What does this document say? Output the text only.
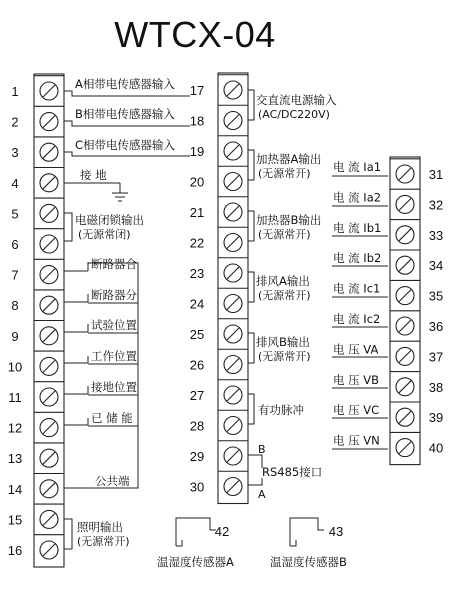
WTCX-04
1
2
3
4
5
6
7
8
9
10
11
12
13
14
15
16
A相带电传感器输入
B相带电传感器输入
C相带电传感器输入
接 地
电磁闭锁输出
(无源常闭)
断路器合
断路器分
试验位置
工作位置
接地位置
已 储 能
公共端
照明输出
(无源常开)
17
18
19
20
21
22
23
24
25
26
27
28
29
30
交直流电源输入
(AC/DC220V)
加热器A输出
(无源常开)
加热器B输出
(无源常开)
排风A输出
(无源常开)
排风B输出
(无源常开)
有功脉冲
B
RS485接口
A
31
32
33
34
35
36
37
38
39
40
电 流 Ia1
电 流 Ia2
电 流 Ib1
电 流 Ib2
电 流 Ic1
电 流 Ic2
电 压 VA
电 压 VB
电 压 VC
电 压 VN
42
温湿度传感器A
43
温湿度传感器B
